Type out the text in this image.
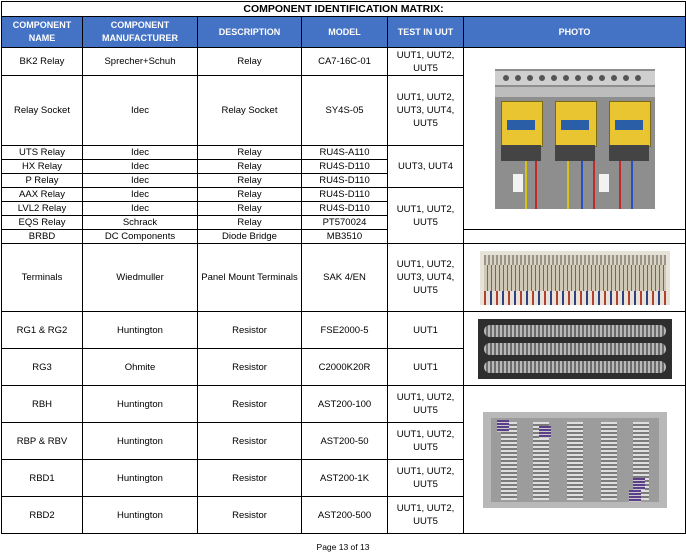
COMPONENT IDENTIFICATION MATRIX:					
COMPONENT NAME	COMPONENT MANUFACTURER	DESCRIPTION	MODEL	TEST IN UUT	PHOTO
BK2 Relay	Sprecher+Schuh	Relay	CA7-16C-01	UUT1, UUT2, UUT5	

Relay Socket	Idec	Relay Socket	SY4S-05	UUT1, UUT2, UUT3, UUT4, UUT5	
UTS Relay	Idec	Relay	RU4S-A110	UUT3, UUT4	
HX Relay	Idec	Relay	RU4S-D110		
P Relay	Idec	Relay	RU4S-D110		
AAX Relay	Idec	Relay	RU4S-D110	UUT1, UUT2, UUT5	
LVL2 Relay	Idec	Relay	RU4S-D110		
EQS Relay	Schrack	Relay	PT570024		
BRBD	DC Components	Diode Bridge	MB3510		
Terminals	Wiedmuller	Panel Mount Terminals	SAK 4/EN	UUT1, UUT2, UUT3, UUT4, UUT5	

RG1 & RG2	Huntington	Resistor	FSE2000-5	UUT1	

RG3	Ohmite	Resistor	C2000K20R	UUT1	
RBH	Huntington	Resistor	AST200-100	UUT1, UUT2, UUT5	

RBP & RBV	Huntington	Resistor	AST200-50	UUT1, UUT2, UUT5	
RBD1	Huntington	Resistor	AST200-1K	UUT1, UUT2, UUT5	
RBD2	Huntington	Resistor	AST200-500	UUT1, UUT2, UUT5	
Page 13 of 13
